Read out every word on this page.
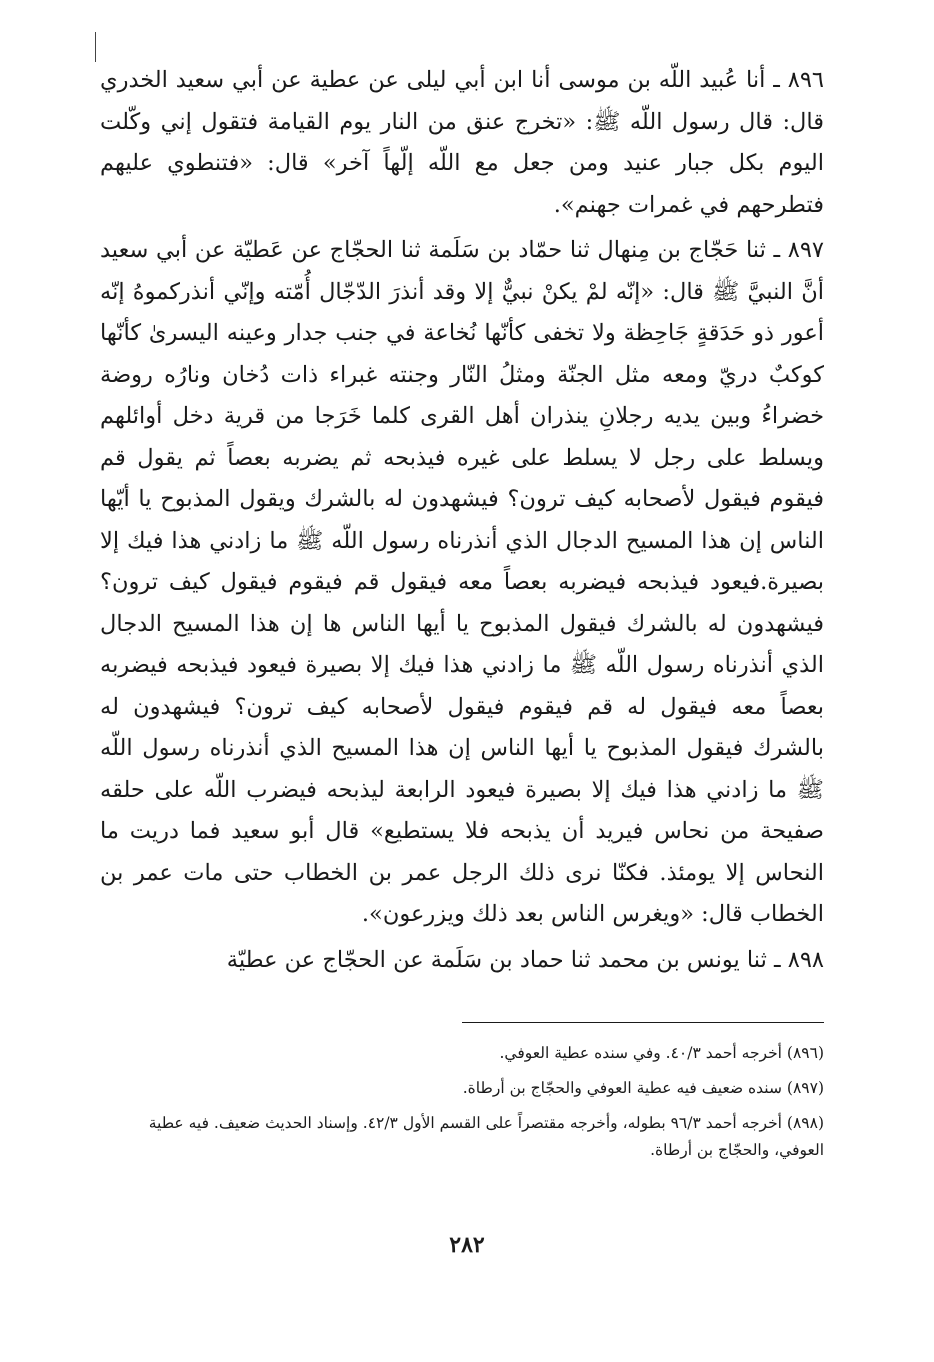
٨٩٦ ـ أنا عُبيد اللّه بن موسى أنا ابن أبي ليلى عن عطية عن أبي سعيد الخدري قال: قال رسول اللّه ﷺ: «تخرج عنق من النار يوم القيامة فتقول إني وكّلت اليوم بكل جبار عنيد ومن جعل مع اللّه إلّهاً آخر» قال: «فتنطوي عليهم فتطرحهم في غمرات جهنم».

٨٩٧ ـ ثنا حَجّاج بن مِنهال ثنا حمّاد بن سَلَمة ثنا الحجّاج عن عَطيّة عن أبي سعيد أنَّ النبيَّ ﷺ قال: «إنّه لمْ يكنْ نبيٌّ إلا وقد أنذرَ الدّجّال أُمّته وإنّي أنذركموهُ إنّه أعور ذو حَدَقةٍ جَاحِظة ولا تخفى كأنّها نُخاعة في جنب جدار وعينه اليسرىٰ كأنّها كوكبٌ دريّ ومعه مثل الجنّة ومثلُ النّار وجنته غبراء ذات دُخان ونارُه روضة خضراءُ وبين يديه رجلانِ ينذران أهل القرى كلما خَرَجا من قرية دخل أوائلهم ويسلط على رجل لا يسلط على غيره فيذبحه ثم يضربه بعصاً ثم يقول قم فيقوم فيقول لأصحابه كيف ترون؟ فيشهدون له بالشرك ويقول المذبوح يا أيّها الناس إن هذا المسيح الدجال الذي أنذرناه رسول اللّه ﷺ ما زادني هذا فيك إلا بصيرة.فيعود فيذبحه فيضربه بعصاً معه فيقول قم فيقوم فيقول كيف ترون؟ فيشهدون له بالشرك فيقول المذبوح يا أيها الناس ها إن هذا المسيح الدجال الذي أنذرناه رسول اللّه ﷺ ما زادني هذا فيك إلا بصيرة فيعود فيذبحه فيضربه بعصاً معه فيقول له قم فيقوم فيقول لأصحابه كيف ترون؟ فيشهدون له بالشرك فيقول المذبوح يا أيها الناس إن هذا المسيح الذي أنذرناه رسول اللّه ﷺ ما زادني هذا فيك إلا بصيرة فيعود الرابعة ليذبحه فيضرب اللّه على حلقه صفيحة من نحاس فيريد أن يذبحه فلا يستطيع» قال أبو سعيد فما دريت ما النحاس إلا يومئذ. فكنّا نرى ذلك الرجل عمر بن الخطاب حتى مات عمر بن الخطاب قال: «ويغرس الناس بعد ذلك ويزرعون».

٨٩٨ ـ ثنا يونس بن محمد ثنا حماد بن سَلَمة عن الحجّاج عن عطيّة

(٨٩٦) أخرجه أحمد ٤٠/٣. وفي سنده عطية العوفي.

(٨٩٧) سنده ضعيف فيه عطية العوفي والحجّاج بن أرطاة.

(٨٩٨) أخرجه أحمد ٩٦/٣ بطوله، وأخرجه مقتصراً على القسم الأول ٤٢/٣. وإسناد الحديث ضعيف. فيه عطية العوفي، والحجّاج بن أرطاة.

٢٨٢
